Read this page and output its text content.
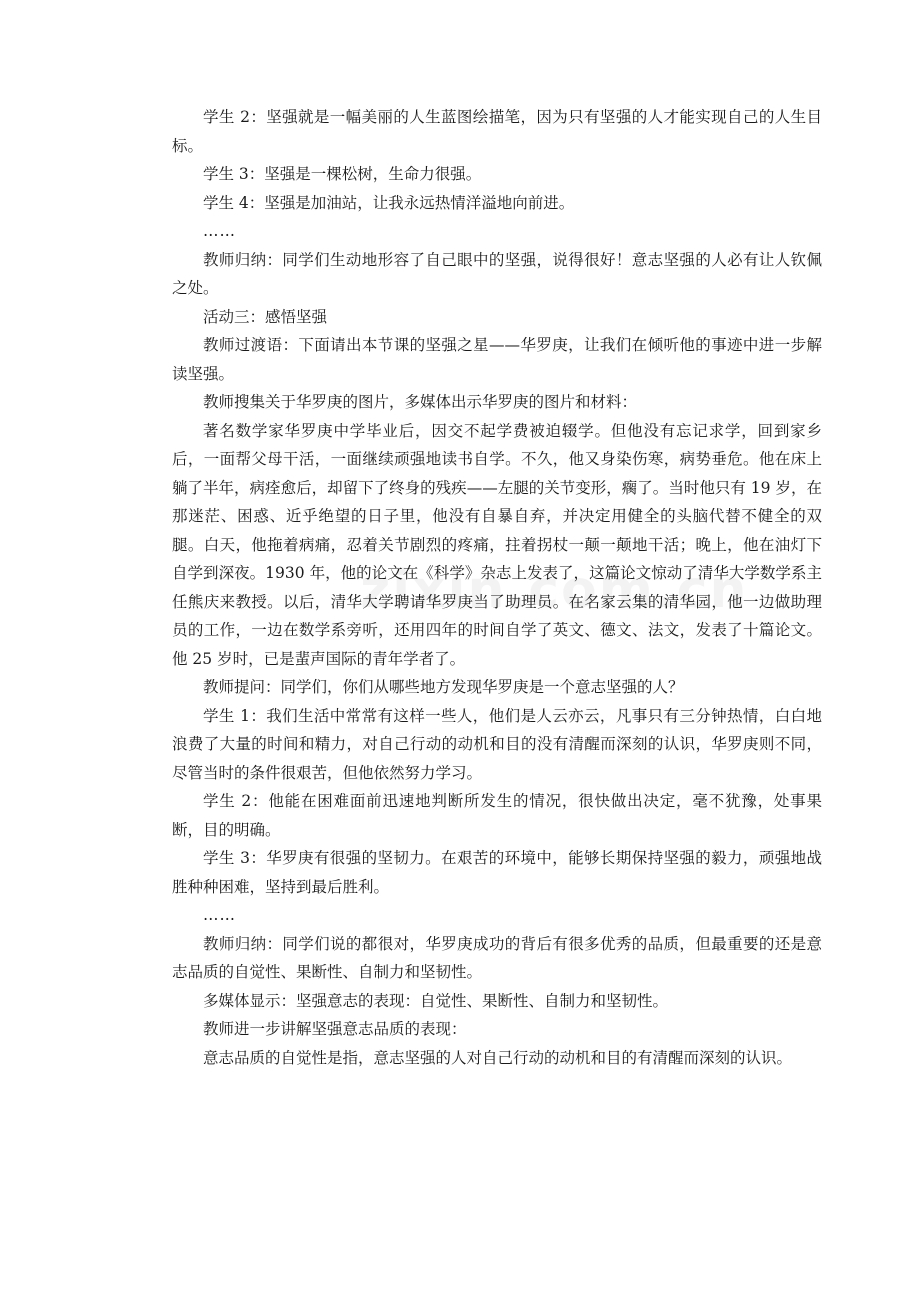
学生 2：坚强就是一幅美丽的人生蓝图绘描笔，因为只有坚强的人才能实现自己的人生目标。

学生 3：坚强是一棵松树，生命力很强。

学生 4：坚强是加油站，让我永远热情洋溢地向前进。

……

教师归纳：同学们生动地形容了自己眼中的坚强，说得很好！意志坚强的人必有让人钦佩之处。

活动三：感悟坚强

教师过渡语：下面请出本节课的坚强之星——华罗庚，让我们在倾听他的事迹中进一步解读坚强。

教师搜集关于华罗庚的图片，多媒体出示华罗庚的图片和材料：

著名数学家华罗庚中学毕业后，因交不起学费被迫辍学。但他没有忘记求学，回到家乡后，一面帮父母干活，一面继续顽强地读书自学。不久，他又身染伤寒，病势垂危。他在床上躺了半年，病痊愈后，却留下了终身的残疾——左腿的关节变形，瘸了。当时他只有 19 岁，在那迷茫、困惑、近乎绝望的日子里，他没有自暴自弃，并决定用健全的头脑代替不健全的双腿。白天，他拖着病痛，忍着关节剧烈的疼痛，拄着拐杖一颠一颠地干活；晚上，他在油灯下自学到深夜。1930 年，他的论文在《科学》杂志上发表了，这篇论文惊动了清华大学数学系主任熊庆来教授。以后，清华大学聘请华罗庚当了助理员。在名家云集的清华园，他一边做助理员的工作，一边在数学系旁听，还用四年的时间自学了英文、德文、法文，发表了十篇论文。他 25 岁时，已是蜚声国际的青年学者了。

教师提问：同学们，你们从哪些地方发现华罗庚是一个意志坚强的人？

学生 1：我们生活中常常有这样一些人，他们是人云亦云，凡事只有三分钟热情，白白地浪费了大量的时间和精力，对自己行动的动机和目的没有清醒而深刻的认识，华罗庚则不同，尽管当时的条件很艰苦，但他依然努力学习。

学生 2：他能在困难面前迅速地判断所发生的情况，很快做出决定，毫不犹豫，处事果断，目的明确。

学生 3：华罗庚有很强的坚韧力。在艰苦的环境中，能够长期保持坚强的毅力，顽强地战胜种种困难，坚持到最后胜利。

……

教师归纳：同学们说的都很对，华罗庚成功的背后有很多优秀的品质，但最重要的还是意志品质的自觉性、果断性、自制力和坚韧性。

多媒体显示：坚强意志的表现：自觉性、果断性、自制力和坚韧性。

教师进一步讲解坚强意志品质的表现：

意志品质的自觉性是指，意志坚强的人对自己行动的动机和目的有清醒而深刻的认识。
